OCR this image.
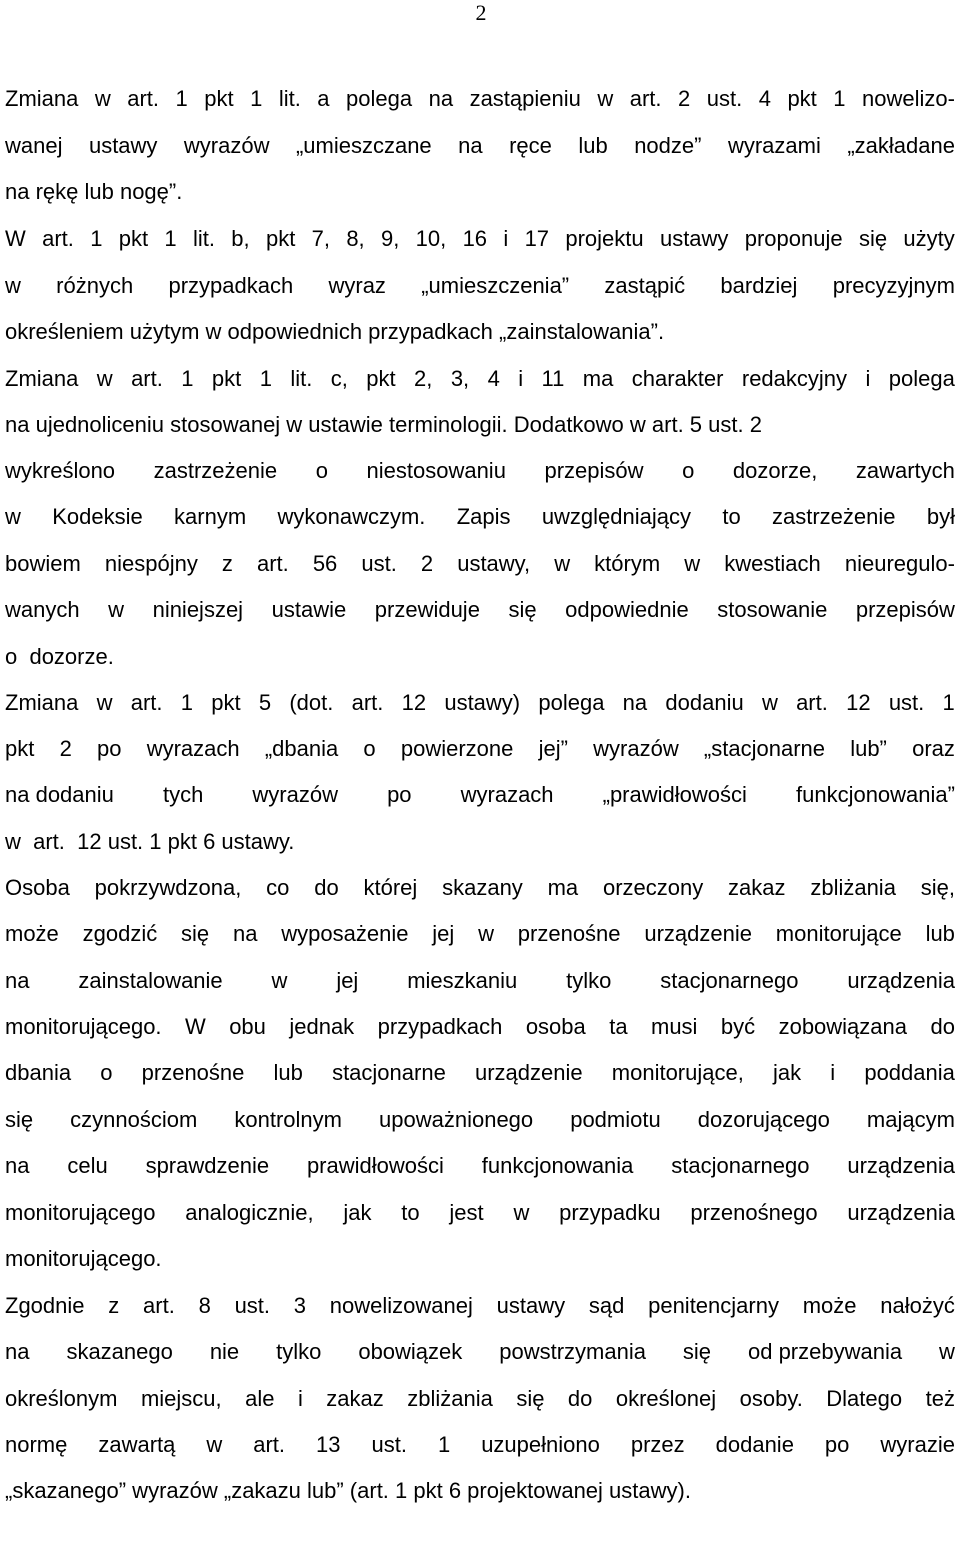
2
Zmiana w art. 1 pkt 1 lit. a polega na zastąpieniu w art. 2 ust. 4 pkt 1 nowelizo-
wanej ustawy wyrazów „umieszczane na ręce lub nodze” wyrazami „zakładane
na rękę lub nogę”.
W art. 1 pkt 1 lit. b, pkt 7, 8, 9, 10, 16 i 17 projektu ustawy proponuje się użyty
w różnych przypadkach wyraz „umieszczenia” zastąpić bardziej precyzyjnym
określeniem użytym w odpowiednich przypadkach „zainstalowania”.
Zmiana w art. 1 pkt 1 lit. c, pkt 2, 3, 4 i 11 ma charakter redakcyjny i polega
na ujednoliceniu stosowanej w ustawie terminologii. Dodatkowo w art. 5 ust. 2
wykreślono zastrzeżenie o niestosowaniu przepisów o dozorze, zawartych
w Kodeksie karnym wykonawczym. Zapis uwzględniający to zastrzeżenie był
bowiem niespójny z art. 56 ust. 2 ustawy, w którym w kwestiach nieuregulo-
wanych w niniejszej ustawie przewiduje się odpowiednie stosowanie przepisów
o  dozorze.
Zmiana w art. 1 pkt 5 (dot. art. 12 ustawy) polega na dodaniu w art. 12 ust. 1
pkt 2 po wyrazach „dbania o powierzone jej” wyrazów „stacjonarne lub” oraz
na dodaniu tych wyrazów po wyrazach „prawidłowości funkcjonowania”
w  art.  12 ust. 1 pkt 6 ustawy.
Osoba pokrzywdzona, co do której skazany ma orzeczony zakaz zbliżania się,
może zgodzić się na wyposażenie jej w przenośne urządzenie monitorujące lub
na zainstalowanie w jej mieszkaniu tylko stacjonarnego urządzenia
monitorującego. W obu jednak przypadkach osoba ta musi być zobowiązana do
dbania o przenośne lub stacjonarne urządzenie monitorujące, jak i poddania
się czynnościom kontrolnym upoważnionego podmiotu dozorującego mającym
na celu sprawdzenie prawidłowości funkcjonowania stacjonarnego urządzenia
monitorującego analogicznie, jak to jest w przypadku przenośnego urządzenia
monitorującego.
Zgodnie z art. 8 ust. 3 nowelizowanej ustawy sąd penitencjarny może nałożyć
na skazanego nie tylko obowiązek powstrzymania się od przebywania w
określonym miejscu, ale i zakaz zbliżania się do określonej osoby. Dlatego też
normę zawartą w art. 13 ust. 1 uzupełniono przez dodanie po wyrazie
„skazanego” wyrazów „zakazu lub” (art. 1 pkt 6 projektowanej ustawy).
